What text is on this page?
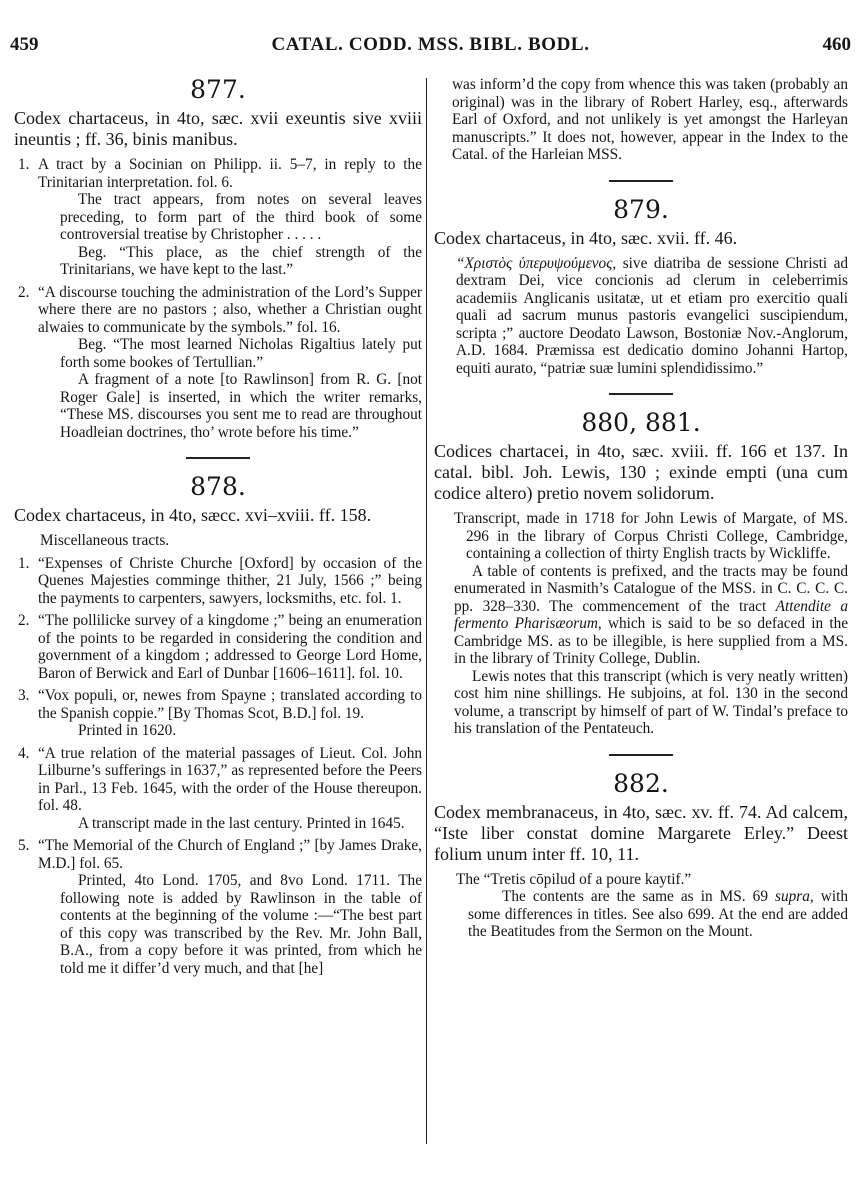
459	CATAL. CODD. MSS. BIBL. BODL.	460
877.

Codex chartaceus, in 4to, sæc. xvii exeuntis sive xviii ineuntis ; ff. 36, binis manibus.

1. A tract by a Socinian on Philipp. ii. 5–7, in reply to the Trinitarian interpretation. fol. 6.

The tract appears, from notes on several leaves preceding, to form part of the third book of some controversial treatise by Christopher . . . . .

Beg. “This place, as the chief strength of the Trinitarians, we have kept to the last.”

2. “A discourse touching the administration of the Lord’s Supper where there are no pastors ; also, whether a Christian ought alwaies to communicate by the symbols.” fol. 16.

Beg. “The most learned Nicholas Rigaltius lately put forth some bookes of Tertullian.”

A fragment of a note [to Rawlinson] from R. G. [not Roger Gale] is inserted, in which the writer remarks, “These MS. discourses you sent me to read are throughout Hoadleian doctrines, tho’ wrote before his time.”

878.

Codex chartaceus, in 4to, sæcc. xvi–xviii. ff. 158.

Miscellaneous tracts.

1. “Expenses of Christe Churche [Oxford] by occasion of the Quenes Majesties comminge thither, 21 July, 1566 ;” being the payments to carpenters, sawyers, locksmiths, etc. fol. 1.

2. “The pollilicke survey of a kingdome ;” being an enumeration of the points to be regarded in considering the condition and government of a kingdom ; addressed to George Lord Home, Baron of Berwick and Earl of Dunbar [1606–1611]. fol. 10.

3. “Vox populi, or, newes from Spayne ; translated according to the Spanish coppie.” [By Thomas Scot, B.D.] fol. 19.

Printed in 1620.

4. “A true relation of the material passages of Lieut. Col. John Lilburne’s sufferings in 1637,” as represented before the Peers in Parl., 13 Feb. 1645, with the order of the House thereupon. fol. 48.

A transcript made in the last century. Printed in 1645.

5. “The Memorial of the Church of England ;” [by James Drake, M.D.] fol. 65.

Printed, 4to Lond. 1705, and 8vo Lond. 1711. The following note is added by Rawlinson in the table of contents at the beginning of the volume :—“The best part of this copy was transcribed by the Rev. Mr. John Ball, B.A., from a copy before it was printed, from which he told me it differ’d very much, and that [he]

was inform’d the copy from whence this was taken (probably an original) was in the library of Robert Harley, esq., afterwards Earl of Oxford, and not unlikely is yet amongst the Harleyan manuscripts.” It does not, however, appear in the Index to the Catal. of the Harleian MSS.

879.

Codex chartaceus, in 4to, sæc. xvii. ff. 46.

“Χριστὸς ὑπερυψούμενος, sive diatriba de sessione Christi ad dextram Dei, vice concionis ad clerum in celeberrimis academiis Anglicanis usitatæ, ut et etiam pro exercitio quali quali ad sacrum munus pastoris evangelici suscipiendum, scripta ;” auctore Deodato Lawson, Bostoniæ Nov.-Anglorum, A.D. 1684. Præmissa est dedicatio domino Johanni Hartop, equiti aurato, “patriæ suæ lumini splendidissimo.”

880, 881.

Codices chartacei, in 4to, sæc. xviii. ff. 166 et 137. In catal. bibl. Joh. Lewis, 130 ; exinde empti (una cum codice altero) pretio novem solidorum.

Transcript, made in 1718 for John Lewis of Margate, of MS. 296 in the library of Corpus Christi College, Cambridge, containing a collection of thirty English tracts by Wickliffe.

A table of contents is prefixed, and the tracts may be found enumerated in Nasmith’s Catalogue of the MSS. in C. C. C. C. pp. 328–330. The commencement of the tract Attendite a fermento Pharisæorum, which is said to be so defaced in the Cambridge MS. as to be illegible, is here supplied from a MS. in the library of Trinity College, Dublin.

Lewis notes that this transcript (which is very neatly written) cost him nine shillings. He subjoins, at fol. 130 in the second volume, a transcript by himself of part of W. Tindal’s preface to his translation of the Pentateuch.

882.

Codex membranaceus, in 4to, sæc. xv. ff. 74. Ad calcem, “Iste liber constat domine Margarete Erley.” Deest folium unum inter ff. 10, 11.

The “Tretis cōpilud of a poure kaytif.”

The contents are the same as in MS. 69 supra, with some differences in titles. See also 699. At the end are added the Beatitudes from the Sermon on the Mount.
